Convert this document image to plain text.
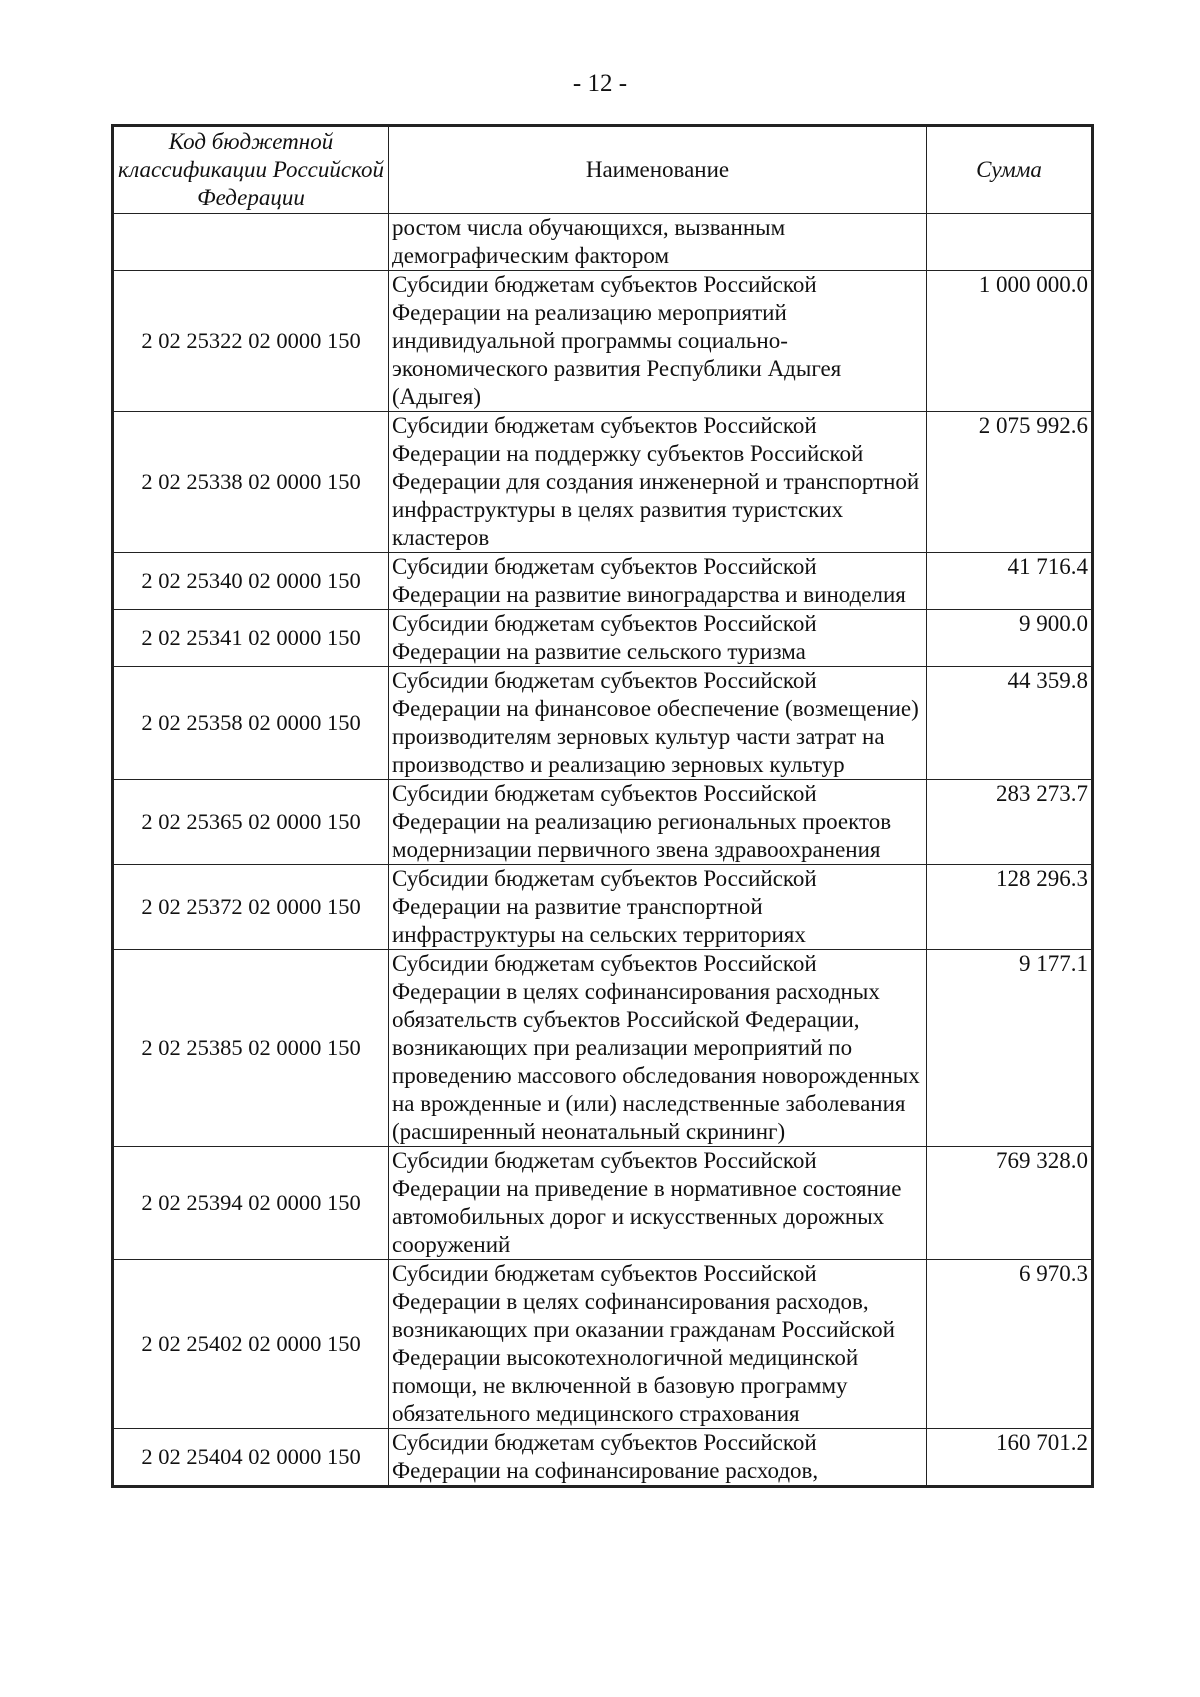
- 12 -
Код бюджетной классификации Российской Федерации	Наименование	Сумма
	ростом числа обучающихся, вызванным демографическим фактором	
2 02 25322 02 0000 150	Субсидии бюджетам субъектов Российской Федерации на реализацию мероприятий индивидуальной программы социально-экономического развития Республики Адыгея (Адыгея)	1 000 000.0
2 02 25338 02 0000 150	Субсидии бюджетам субъектов Российской Федерации на поддержку субъектов Российской Федерации для создания инженерной и транспортной инфраструктуры в целях развития туристских кластеров	2 075 992.6
2 02 25340 02 0000 150	Субсидии бюджетам субъектов Российской Федерации на развитие виноградарства и виноделия	41 716.4
2 02 25341 02 0000 150	Субсидии бюджетам субъектов Российской Федерации на развитие сельского туризма	9 900.0
2 02 25358 02 0000 150	Субсидии бюджетам субъектов Российской Федерации на финансовое обеспечение (возмещение) производителям зерновых культур части затрат на производство и реализацию зерновых культур	44 359.8
2 02 25365 02 0000 150	Субсидии бюджетам субъектов Российской Федерации на реализацию региональных проектов модернизации первичного звена здравоохранения	283 273.7
2 02 25372 02 0000 150	Субсидии бюджетам субъектов Российской Федерации на развитие транспортной инфраструктуры на сельских территориях	128 296.3
2 02 25385 02 0000 150	Субсидии бюджетам субъектов Российской Федерации в целях софинансирования расходных обязательств субъектов Российской Федерации, возникающих при реализации мероприятий по проведению массового обследования новорожденных на врожденные и (или) наследственные заболевания (расширенный неонатальный скрининг)	9 177.1
2 02 25394 02 0000 150	Субсидии бюджетам субъектов Российской Федерации на приведение в нормативное состояние автомобильных дорог и искусственных дорожных сооружений	769 328.0
2 02 25402 02 0000 150	Субсидии бюджетам субъектов Российской Федерации в целях софинансирования расходов, возникающих при оказании гражданам Российской Федерации высокотехнологичной медицинской помощи, не включенной в базовую программу обязательного медицинского страхования	6 970.3
2 02 25404 02 0000 150	Субсидии бюджетам субъектов Российской Федерации на софинансирование расходов,	160 701.2
